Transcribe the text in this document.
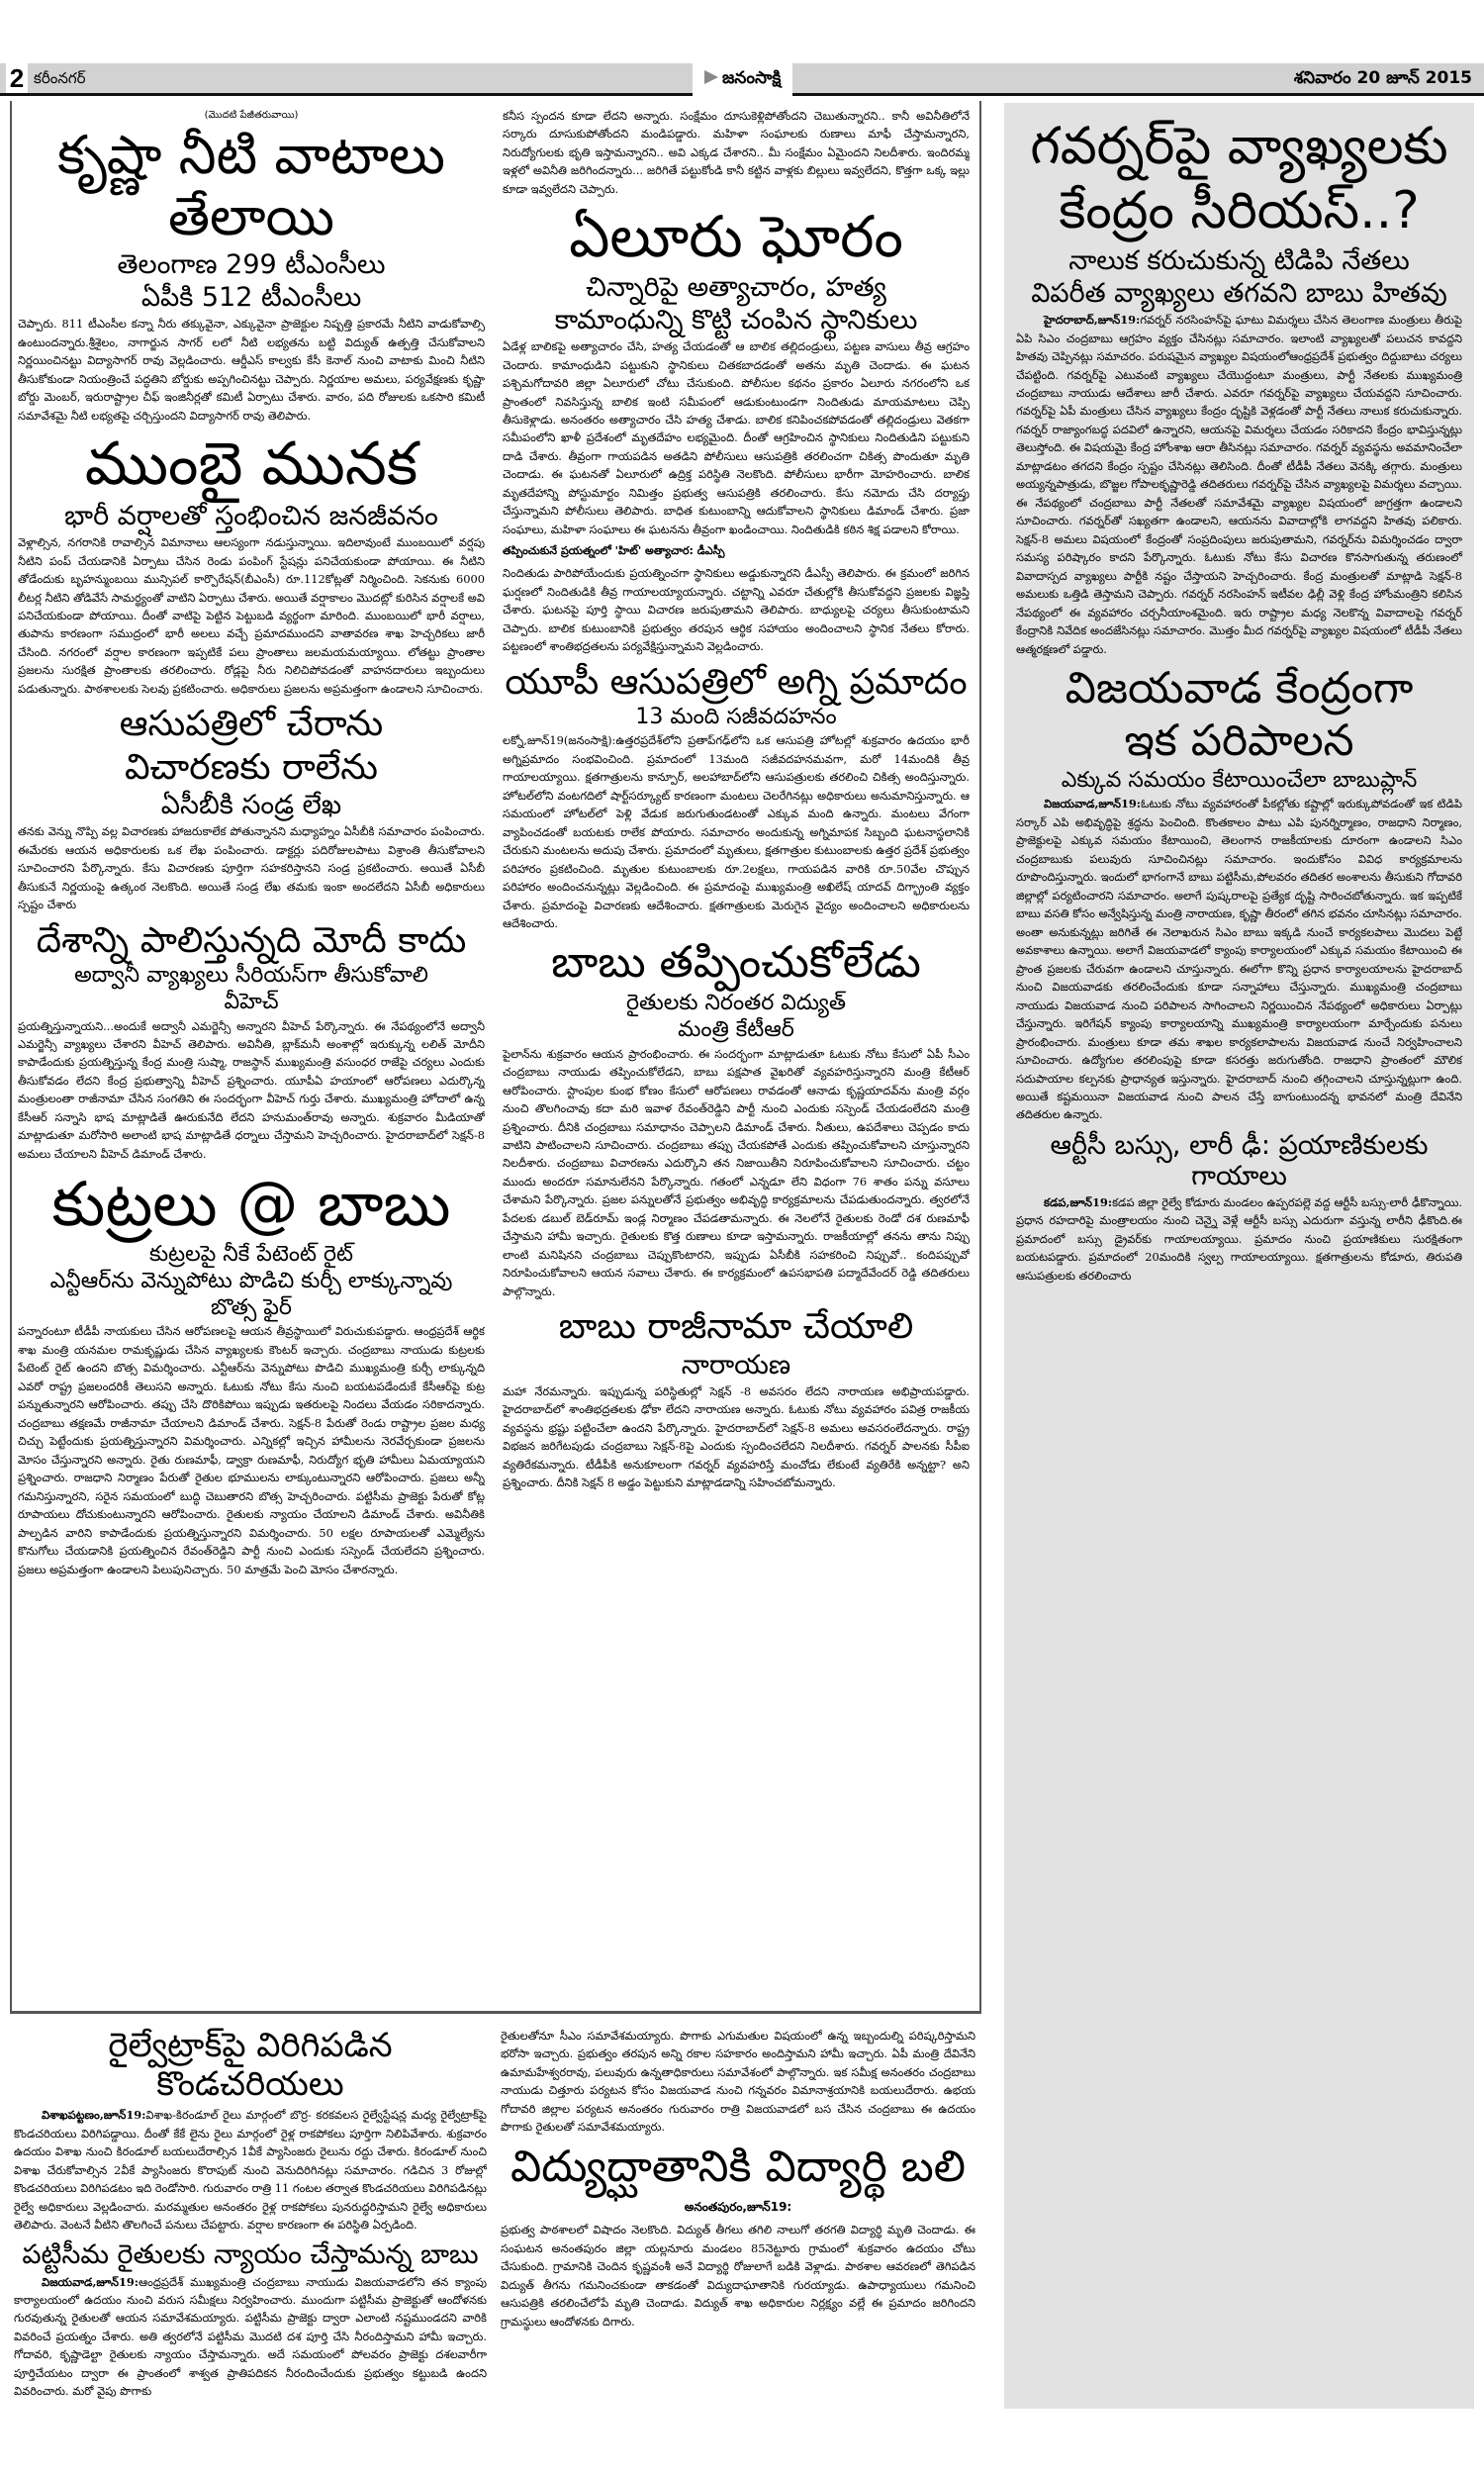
2 కరీంనగర్	జనంసాక్షి	శనివారం 20 జూన్ 2015
(మొదటి పేజీతరువాయి)
కృష్ణా నీటి వాటాలు తేలాయి
తెలంగాణ 299 టీఎంసీలు
ఏపీకి 512 టీఎంసీలు

చెప్పారు. 811 టీఎంసీల కన్నా నీరు తక్కువైనా, ఎక్కువైనా ప్రాజెక్టుల నిష్పత్తి ప్రకారమే నీటిని వాడుకోవాల్సి ఉంటుందన్నారు.శ్రీశైలం, నాగార్జున సాగర్ లలో నీటి లభ్యతను బట్టి విద్యుత్ ఉత్పత్తి చేసుకోవాలని నిర్ణయించినట్టు విద్యాసాగర్ రావు వెల్లడించారు. ఆర్డీఎస్ కాల్వకు కేసీ కెనాల్ నుంచి వాటాకు మించి నీటిని తీసుకోకుండా నియంత్రించే పద్ధతిని బోర్డుకు అప్పగించినట్టు చెప్పారు. నిర్ణయాల అమలు, పర్యవేక్షణకు కృష్ణా బోర్డు మెంబర్, ఇరురాష్ట్రాల చీఫ్ ఇంజినీర్లతో కమిటీ ఏర్పాటు చేశారు. వారం, పది రోజులకు ఒకసారి కమిటీ సమావేశమై నీటి లభ్యతపై చర్చిస్తుందని విద్యాసాగర్ రావు తెలిపారు.

ముంబై మునక
భారీ వర్షాలతో స్తంభించిన జనజీవనం

వెళ్లాల్సిన, నగరానికి రావాల్సిన విమానాలు ఆలస్యంగా నడుస్తున్నాయి. ఇదిలావుంటే ముంబయిలో వర్షపు నీటిని పంప్ చేయడానికి ఏర్పాటు చేసిన రెండు పంపింగ్ స్టేషన్లు పనిచేయకుండా పోయాయి. ఈ నీటిని తోడేందుకు బృహన్ముంబయి మున్సిపల్ కార్పొరేషన్(బీఎంసీ) రూ.112కోట్లతో నిర్మించింది. సెకనుకు 6000 లీటర్ల నీటిని తోడివేసే సామర్థ్యంతో వాటిని ఏర్పాటు చేశారు. అయితే వర్షాకాలం మొదట్లో కురిసిన వర్షాలకే అవి పనిచేయకుండా పోయాయి. దీంతో వాటిపై పెట్టిన పెట్టుబడి వ్యర్థంగా మారింది. ముంబయిలో భారీ వర్షాలు, తుపాను కారణంగా సముద్రంలో భారీ అలలు వచ్చే ప్రమాదముందని వాతావరణ శాఖ హెచ్చరికలు జారీ చేసింది. నగరంలో వర్షాల కారణంగా ఇప్పటికే పలు ప్రాంతాలు జలమయమయ్యాయి. లోతట్టు ప్రాంతాల ప్రజలను సురక్షిత ప్రాంతాలకు తరలించారు. రోడ్లపై నీరు నిలిచిపోవడంతో వాహనదారులు ఇబ్బందులు పడుతున్నారు. పాఠశాలలకు సెలవు ప్రకటించారు. అధికారులు ప్రజలను అప్రమత్తంగా ఉండాలని సూచించారు.

ఆసుపత్రిలో చేరాను
విచారణకు రాలేను
ఏసీబీకి సండ్ర లేఖ

తనకు వెన్ను నొప్పి వల్ల విచారణకు హాజరుకాలేక పోతున్నానని మధ్యాహ్నం ఏసీబీకి సమాచారం పంపించారు. ఈమేరకు ఆయన అధికారులకు ఒక లేఖ పంపించారు. డాక్టర్లు పదిరోజులపాటు విశ్రాంతి తీసుకోవాలని సూచించారని పేర్కొన్నారు. కేసు విచారణకు పూర్తిగా సహకరిస్తానని సండ్ర ప్రకటించారు. అయితే ఏసీబీ తీసుకునే నిర్ణయంపై ఉత్కంఠ నెలకొంది. అయితే సండ్ర లేఖ తమకు ఇంకా అందలేదని ఏసీబీ అధికారులు స్పష్టం చేశారు

దేశాన్ని పాలిస్తున్నది మోదీ కాదు
అద్వానీ వ్యాఖ్యలు సీరియస్‌గా తీసుకోవాలి
వీహెచ్

ప్రయత్నిస్తున్నాయని...అందుకే అద్వానీ ఎమర్జెన్సీ అన్నారని వీహెచ్ పేర్కొన్నారు. ఈ నేపథ్యంలోనే అద్వానీ ఎమర్జెన్సీ వ్యాఖ్యలు చేశారని వీహెచ్ తెలిపారు. అవినీతి, బ్లాక్‌మనీ అంశాల్లో ఇరుక్కున్న లలిత్ మోదీని కాపాడేందుకు ప్రయత్నిస్తున్న కేంద్ర మంత్రి సుష్మా, రాజస్థాన్ ముఖ్యమంత్రి వసుంధర రాజేపై చర్యలు ఎందుకు తీసుకోవడం లేదని కేంద్ర ప్రభుత్వాన్ని వీహెచ్ ప్రశ్నించారు. యూపీఏ హయాంలో ఆరోపణలు ఎదుర్కొన్న మంత్రులంతా రాజీనామా చేసిన సంగతిని ఈ సందర్భంగా వీహెచ్ గుర్తు చేశారు. ముఖ్యమంత్రి హోదాలో ఉన్న కేసీఆర్ సన్నాసి భాష మాట్లాడితే ఊరుకునేది లేదని హనుమంత్‌రావు అన్నారు. శుక్రవారం మీడియాతో మాట్లాడుతూ మరోసారి అలాంటి భాష మాట్లాడితే ధర్నాలు చేస్తామని హెచ్చరించారు. హైదరాబాద్‌లో సెక్షన్-8 అమలు చేయాలని వీహెచ్ డిమాండ్ చేశారు.

కుట్రలు @ బాబు
కుట్రలపై నీకే పేటెంట్ రైట్
ఎన్టీఆర్‌ను వెన్నుపోటు పొడిచి కుర్చీ లాక్కున్నావు
బొత్స ఫైర్

పన్నారంటూ టీడీపీ నాయకులు చేసిన ఆరోపణలపై ఆయన తీవ్రస్థాయిలో విరుచుకుపడ్డారు. ఆంధ్రప్రదేశ్ ఆర్థిక శాఖ మంత్రి యనమల రామకృష్ణుడు చేసిన వ్యాఖ్యలకు కౌంటర్ ఇచ్చారు. చంద్రబాబు నాయుడు కుట్రలకు పేటెంట్ రైట్ ఉందని బొత్స విమర్శించారు. ఎన్టీఆర్‌ను వెన్నుపోటు పొడిచి ముఖ్యమంత్రి కుర్చీ లాక్కున్నది ఎవరో రాష్ట్ర ప్రజలందరికీ తెలుసని అన్నారు. ఓటుకు నోటు కేసు నుంచి బయటపడేందుకే కేసీఆర్‌పై కుట్ర పన్నుతున్నారని ఆరోపించారు. తప్పు చేసి దొరికిపోయి ఇప్పుడు ఇతరులపై నిందలు వేయడం సరికాదన్నారు. చంద్రబాబు తక్షణమే రాజీనామా చేయాలని డిమాండ్ చేశారు. సెక్షన్-8 పేరుతో రెండు రాష్ట్రాల ప్రజల మధ్య చిచ్చు పెట్టేందుకు ప్రయత్నిస్తున్నారని విమర్శించారు. ఎన్నికల్లో ఇచ్చిన హామీలను నెరవేర్చకుండా ప్రజలను మోసం చేస్తున్నారని అన్నారు. రైతు రుణమాఫీ, డ్వాక్రా రుణమాఫీ, నిరుద్యోగ భృతి హామీలు ఏమయ్యాయని ప్రశ్నించారు. రాజధాని నిర్మాణం పేరుతో రైతుల భూములను లాక్కుంటున్నారని ఆరోపించారు. ప్రజలు అన్నీ గమనిస్తున్నారని, సరైన సమయంలో బుద్ధి చెబుతారని బొత్స హెచ్చరించారు. పట్టిసీమ ప్రాజెక్టు పేరుతో కోట్ల రూపాయలు దోచుకుంటున్నారని ఆరోపించారు. రైతులకు న్యాయం చేయాలని డిమాండ్ చేశారు. అవినీతికి పాల్పడిన వారిని కాపాడేందుకు ప్రయత్నిస్తున్నారని విమర్శించారు. 50 లక్షల రూపాయలతో ఎమ్మెల్యేను కొనుగోలు చేయడానికి ప్రయత్నించిన రేవంత్‌రెడ్డిని పార్టీ నుంచి ఎందుకు సస్పెండ్ చేయలేదని ప్రశ్నించారు. ప్రజలు అప్రమత్తంగా ఉండాలని పిలుపునిచ్చారు. 50 మాత్రమే పెంచి మోసం చేశారన్నారు.

కనీస స్పందన కూడా లేదని అన్నారు. సంక్షేమం దూసుకెళ్లిపోతోందని చెబుతున్నారని.. కానీ అవినీతిలోనే సర్కారు దూసుకుపోతోందని మండిపడ్డారు. మహిళా సంఘాలకు రుణాలు మాఫీ చేస్తామన్నారని, నిరుద్యోగులకు భృతి ఇస్తామన్నారని.. అవి ఎక్కడ చేశారని.. మీ సంక్షేమం ఏమైందని నిలదీశారు. ఇందిరమ్మ ఇళ్లలో అవినీతి జరిగిందన్నారు... జరిగితే పట్టుకోండి కానీ కట్టిన వాళ్లకు బిల్లులు ఇవ్వలేదని, కొత్తగా ఒక్క ఇల్లు కూడా ఇవ్వలేదని చెప్పారు.

ఏలూరు ఘోరం
చిన్నారిపై అత్యాచారం, హత్య
కామాంధున్ని కొట్టి చంపిన స్థానికులు

ఏడేళ్ల బాలికపై అత్యాచారం చేసి, హత్య చేయడంతో ఆ బాలిక తల్లిదండ్రులు, పట్టణ వాసులు తీవ్ర ఆగ్రహం చెందారు. కామాంధుడిని పట్టుకుని స్థానికులు చితకబాదడంతో అతను మృతి చెందాడు. ఈ ఘటన పశ్చిమగోదావరి జిల్లా ఏలూరులో చోటు చేసుకుంది. పోలీసుల కథనం ప్రకారం ఏలూరు నగరంలోని ఒక ప్రాంతంలో నివసిస్తున్న బాలిక ఇంటి సమీపంలో ఆడుకుంటుండగా నిందితుడు మాయమాటలు చెప్పి తీసుకెళ్లాడు. అనంతరం అత్యాచారం చేసి హత్య చేశాడు. బాలిక కనిపించకపోవడంతో తల్లిదండ్రులు వెతకగా సమీపంలోని ఖాళీ ప్రదేశంలో మృతదేహం లభ్యమైంది. దీంతో ఆగ్రహించిన స్థానికులు నిందితుడిని పట్టుకుని దాడి చేశారు. తీవ్రంగా గాయపడిన అతడిని పోలీసులు ఆసుపత్రికి తరలించగా చికిత్స పొందుతూ మృతి చెందాడు. ఈ ఘటనతో ఏలూరులో ఉద్రిక్త పరిస్థితి నెలకొంది. పోలీసులు భారీగా మోహరించారు. బాలిక మృతదేహాన్ని పోస్టుమార్టం నిమిత్తం ప్రభుత్వ ఆసుపత్రికి తరలించారు. కేసు నమోదు చేసి దర్యాప్తు చేస్తున్నామని పోలీసులు తెలిపారు. బాధిత కుటుంబాన్ని ఆదుకోవాలని స్థానికులు డిమాండ్ చేశారు. ప్రజా సంఘాలు, మహిళా సంఘాలు ఈ ఘటనను తీవ్రంగా ఖండించాయి. నిందితుడికి కఠిన శిక్ష పడాలని కోరాయి.

తప్పించుకునే ప్రయత్నంలో 'హిట్' అత్యాచార: డీఎస్పీ

నిందితుడు పారిపోయేందుకు ప్రయత్నించగా స్థానికులు అడ్డుకున్నారని డీఎస్పీ తెలిపారు. ఈ క్రమంలో జరిగిన ఘర్షణలో నిందితుడికి తీవ్ర గాయాలయ్యాయన్నారు. చట్టాన్ని ఎవరూ చేతుల్లోకి తీసుకోవద్దని ప్రజలకు విజ్ఞప్తి చేశారు. ఘటనపై పూర్తి స్థాయి విచారణ జరుపుతామని తెలిపారు. బాధ్యులపై చర్యలు తీసుకుంటామని చెప్పారు. బాలిక కుటుంబానికి ప్రభుత్వం తరపున ఆర్థిక సహాయం అందించాలని స్థానిక నేతలు కోరారు. పట్టణంలో శాంతిభద్రతలను పర్యవేక్షిస్తున్నామని వెల్లడించారు.

యూపీ ఆసుపత్రిలో అగ్ని ప్రమాదం
13 మంది సజీవదహనం

లక్నో,జూన్19(జనంసాక్షి):ఉత్తరప్రదేశ్‌లోని ప్రతాప్‌గఢ్‌లోని ఒక ఆసుపత్రి హోటల్లో శుక్రవారం ఉదయం భారీ అగ్నిప్రమాదం సంభవించింది. ప్రమాదంలో 13మంది సజీవదహనమవగా, మరో 14మందికి తీవ్ర గాయాలయ్యాయి. క్షతగాత్రులను కాన్పూర్, అలహాబాద్‌లోని ఆసుపత్రులకు తరలించి చికిత్స అందిస్తున్నారు. హోటల్‌లోని వంటగదిలో షార్ట్‌సర్క్యూట్ కారణంగా మంటలు చెలరేగినట్లు అధికారులు అనుమానిస్తున్నారు. ఆ సమయంలో హోటల్‌లో పెళ్లి వేడుక జరుగుతుండటంతో ఎక్కువ మంది ఉన్నారు. మంటలు వేగంగా వ్యాపించడంతో బయటకు రాలేక పోయారు. సమాచారం అందుకున్న అగ్నిమాపక సిబ్బంది ఘటనాస్థలానికి చేరుకుని మంటలను అదుపు చేశారు. ప్రమాదంలో మృతులు, క్షతగాత్రుల కుటుంబాలకు ఉత్తర ప్రదేశ్ ప్రభుత్వం పరిహారం ప్రకటించింది. మృతుల కుటుంబాలకు రూ.2లక్షలు, గాయపడిన వారికి రూ.50వేల చొప్పున పరిహారం అందించనున్నట్లు వెల్లడించింది. ఈ ప్రమాదంపై ముఖ్యమంత్రి అఖిలేష్ యాదవ్ దిగ్భ్రాంతి వ్యక్తం చేశారు. ప్రమాదంపై విచారణకు ఆదేశించారు. క్షతగాత్రులకు మెరుగైన వైద్యం అందించాలని అధికారులను ఆదేశించారు.

బాబు తప్పించుకోలేడు
రైతులకు నిరంతర విద్యుత్
మంత్రి కేటీఆర్

పైలాన్‌ను శుక్రవారం ఆయన ప్రారంభించారు. ఈ సందర్భంగా మాట్లాడుతూ ఓటుకు నోటు కేసులో ఏపీ సీఎం చంద్రబాబు నాయుడు తప్పించుకోలేడని, బాబు పక్షపాత వైఖరితో వ్యవహరిస్తున్నారని మంత్రి కేటీఆర్ ఆరోపించారు. స్టాంపుల కుంభ కోణం కేసులో ఆరోపణలు రావడంతో ఆనాడు కృష్ణయాదవ్‌ను మంత్రి వర్గం నుంచి తొలగించావు కదా మరి ఇవాళ రేవంత్‌రెడ్డిని పార్టీ నుంచి ఎందుకు సస్పెండ్ చేయడంలేదని మంత్రి ప్రశ్నించారు. దీనికి చంద్రబాబు సమాధానం చెప్పాలని డిమాండ్ చేశారు. నీతులు, ఉపదేశాలు చెప్పడం కాదు వాటిని పాటించాలని సూచించారు. చంద్రబాబు తప్పు చేయకపోతే ఎందుకు తప్పించుకోవాలని చూస్తున్నారని నిలదీశారు. చంద్రబాబు విచారణను ఎదుర్కొని తన నిజాయితీని నిరూపించుకోవాలని సూచించారు. చట్టం ముందు అందరూ సమానులేనని పేర్కొన్నారు. గతంలో ఎన్నడూ లేని విధంగా 76 శాతం పన్ను వసూలు చేశామని పేర్కొన్నారు. ప్రజల పన్నులతోనే ప్రభుత్వం అభివృద్ధి కార్యక్రమాలను చేపడుతుందన్నారు. త్వరలోనే పేదలకు డబుల్ బెడ్‌రూమ్ ఇండ్ల నిర్మాణం చేపడతామన్నారు. ఈ నెలలోనే రైతులకు రెండో దశ రుణమాఫీ చేస్తామని హామీ ఇచ్చారు. రైతులకు కొత్త రుణాలు కూడా ఇస్తామన్నారు. రాజకీయాల్లో తనను తాను నిప్పు లాంటి మనిషినని చంద్రబాబు చెప్పుకొంటారని, ఇప్పుడు ఏసీబీకి సహకరించి నిప్పువో.. కందిపప్పువో నిరూపించుకోవాలని ఆయన సవాలు చేశారు. ఈ కార్యక్రమంలో ఉపసభాపతి పద్మాదేవేందర్ రెడ్డి తదితరులు పాల్గొన్నారు.

బాబు రాజీనామా చేయాలి
నారాయణ

మహా నేరమన్నారు. ఇప్పుడున్న పరిస్థితుల్లో సెక్షన్ -8 అవసరం లేదని నారాయణ అభిప్రాయపడ్డారు. హైదరాబాద్‌లో శాంతిభద్రతలకు ఢోకా లేదని నారాయణ అన్నారు. ఓటుకు నోటు వ్యవహారం పవిత్ర రాజకీయ వ్యవస్థను భ్రష్టు పట్టించేలా ఉందని పేర్కొన్నారు. హైదరాబాద్‌లో సెక్షన్-8 అమలు అవసరంలేదన్నారు. రాష్ట్ర విభజన జరిగేటపుడు చంద్రబాబు సెక్షన్-8పై ఎందుకు స్పందించలేదని నిలదీశారు. గవర్నర్ పాలనకు సీపీఐ వ్యతిరేకమన్నారు. టీడీపీకి అనుకూలంగా గవర్నర్ వ్యవహరిస్తే మంచోడు లేకుంటే వ్యతిరేకి అన్నట్టా? అని ప్రశ్నించారు. దీనికి సెక్షన్ 8 అడ్డం పెట్టుకుని మాట్లాడడాన్ని సహించబోమన్నారు.

గవర్నర్‌పై వ్యాఖ్యలకు కేంద్రం సీరియస్..?
నాలుక కరుచుకున్న టిడిపి నేతలు
విపరీత వ్యాఖ్యలు తగవని బాబు హితవు

హైదరాబాద్,జూన్19:గవర్నర్ నరసింహన్‌పై ఘాటు విమర్శలు చేసిన తెలంగాణ మంత్రులు తీరుపై ఏపి సిఎం చంద్రబాబు ఆగ్రహం వ్యక్తం చేసినట్లు సమాచారం. ఇలాంటి వ్యాఖ్యలతో పలుచన కావద్దని హితవు చెప్పినట్లు సమాచరం. పరుషమైన వ్యాఖ్యల విషయంలోఆంధ్రప్రదేశ్ ప్రభుత్వం దిద్దుబాటు చర్యలు చేపట్టింది. గవర్నర్‌పై ఎటువంటి వ్యాఖ్యలు చేయొద్దంటూ మంత్రులు, పార్టీ నేతలకు ముఖ్యమంత్రి చంద్రబాబు నాయుడు ఆదేశాలు జారీ చేశారు. ఎవరూ గవర్నర్‌పై వ్యాఖ్యలు చేయవద్దని సూచించారు. గవర్నర్‌పై ఏపీ మంత్రులు చేసిన వ్యాఖ్యలు కేంద్రం దృష్టికి వెళ్లడంతో పార్టీ నేతలు నాలుక కరుచుకున్నారు. గవర్నర్ రాజ్యాంగబద్ధ పదవిలో ఉన్నారని, ఆయనపై విమర్శలు చేయడం సరికాదని కేంద్రం భావిస్తున్నట్లు తెలుస్తోంది. ఈ విషయమై కేంద్ర హోంశాఖ ఆరా తీసినట్లు సమాచారం. గవర్నర్ వ్యవస్థను అవమానించేలా మాట్లాడటం తగదని కేంద్రం స్పష్టం చేసినట్లు తెలిసింది. దీంతో టీడీపీ నేతలు వెనక్కి తగ్గారు. మంత్రులు అయ్యన్నపాత్రుడు, బొజ్జల గోపాలకృష్ణారెడ్డి తదితరులు గవర్నర్‌పై చేసిన వ్యాఖ్యలపై విమర్శలు వచ్చాయి. ఈ నేపథ్యంలో చంద్రబాబు పార్టీ నేతలతో సమావేశమై వ్యాఖ్యల విషయంలో జాగ్రత్తగా ఉండాలని సూచించారు. గవర్నర్‌తో సఖ్యతగా ఉండాలని, ఆయనను వివాదాల్లోకి లాగవద్దని హితవు పలికారు. సెక్షన్-8 అమలు విషయంలో కేంద్రంతో సంప్రదింపులు జరుపుతామని, గవర్నర్‌ను విమర్శించడం ద్వారా సమస్య పరిష్కారం కాదని పేర్కొన్నారు. ఓటుకు నోటు కేసు విచారణ కొనసాగుతున్న తరుణంలో వివాదాస్పద వ్యాఖ్యలు పార్టీకి నష్టం చేస్తాయని హెచ్చరించారు. కేంద్ర మంత్రులతో మాట్లాడి సెక్షన్-8 అమలుకు ఒత్తిడి తెస్తామని చెప్పారు. గవర్నర్ నరసింహన్ ఇటీవల ఢిల్లీ వెళ్లి కేంద్ర హోంమంత్రిని కలిసిన నేపథ్యంలో ఈ వ్యవహారం చర్చనీయాంశమైంది. ఇరు రాష్ట్రాల మధ్య నెలకొన్న వివాదాలపై గవర్నర్ కేంద్రానికి నివేదిక అందజేసినట్లు సమాచారం. మొత్తం మీద గవర్నర్‌పై వ్యాఖ్యల విషయంలో టీడీపీ నేతలు ఆత్మరక్షణలో పడ్డారు.

విజయవాడ కేంద్రంగా
ఇక పరిపాలన
ఎక్కువ సమయం కేటాయించేలా బాబుప్లాన్

విజయవాడ,జూన్19:ఓటుకు నోటు వ్యవహారంతో పీకల్లోతు కష్టాల్లో ఇరుక్కుపోవడంతో ఇక టిడిపి సర్కార్ ఎపి అభివృద్ధిపై శ్రద్ధను పెంచింది. కొంతకాలం పాటు ఎపి పునర్నిర్మాణం, రాజధాని నిర్మాణం, ప్రాజెక్టులపై ఎక్కువ సమయం కేటాయించి, తెలంగాన రాజకీయాలకు దూరంగా ఉండాలని సిఎం చంద్రబాబుకు పలువురు సూచించినట్లు సమాచారం. ఇందుకోసం వివిధ కార్యక్రమాలను రూపొందిస్తున్నారు. ఇందులో భాగంగానే బాబు పట్టిసీమ,పోలవరం తదితర అంశాలను తీసుకుని గోదావరి జిల్లాల్లో పర్యటించారని సమాచారం. అలాగే పుష్కరాలపై ప్రత్యేక దృష్టి సారించబోతున్నారు. ఇక ఇప్పటికే బాబు వసతి కోసం అన్వేషిస్తున్న మంత్రి నారాయణ, కృష్ణా తీరంలో తగిన భవనం చూసినట్లు సమాచారం. అంతా అనుకున్నట్లు జరిగితే ఈ నెలాఖరున సిఎం బాబు ఇక్కడి నుంచే కార్యకలపాలు మొదలు పెట్టే అవకాశాలు ఉన్నాయి. అలాగే విజయవాడలో క్యాంపు కార్యాలయంలో ఎక్కువ సమయం కేటాయించి ఈ ప్రాంత ప్రజలకు చేరువగా ఉండాలని చూస్తున్నారు. ఈలోగా కొన్ని ప్రధాన కార్యాలయాలను హైదరాబాద్ నుంచి విజయవాడకు తరలించేందుకు కూడా సన్నాహాలు చేస్తున్నారు. ముఖ్యమంత్రి చంద్రబాబు నాయుడు విజయవాడ నుంచి పరిపాలన సాగించాలని నిర్ణయించిన నేపథ్యంలో అధికారులు ఏర్పాట్లు చేస్తున్నారు. ఇరిగేషన్ క్యాంపు కార్యాలయాన్ని ముఖ్యమంత్రి కార్యాలయంగా మార్చేందుకు పనులు ప్రారంభించారు. మంత్రులు కూడా తమ శాఖల కార్యకలాపాలను విజయవాడ నుంచే నిర్వహించాలని సూచించారు. ఉద్యోగుల తరలింపుపై కూడా కసరత్తు జరుగుతోంది. రాజధాని ప్రాంతంలో మౌలిక సదుపాయాల కల్పనకు ప్రాధాన్యత ఇస్తున్నారు. హైదరాబాద్ నుంచి తగ్గించాలని చూస్తున్నట్లుగా ఉంది. అయితే కష్టమయినా విజయవాడ నుంచి పాలన చేస్తే బాగుంటుందన్న భావనలో మంత్రి దేవినేని తదితరుల ఉన్నారు.

ఆర్టీసీ బస్సు, లారీ ఢీ: ప్రయాణికులకు గాయాలు

కడప,జూన్19:కడప జిల్లా రైల్వే కోడూరు మండలం ఉప్పరపల్లె వద్ద ఆర్టీసీ బస్సు-లారీ ఢీకొన్నాయి. ప్రధాన రహదారిపై మంత్రాలయం నుంచి చెన్నై వెళ్లే ఆర్టీసీ బస్సు ఎదురుగా వస్తున్న లారీని ఢీకొంది.ఈ ప్రమాదంలో బస్సు డ్రైవర్‌కు గాయాలయ్యాయి. ప్రమాదం నుంచి ప్రయాణికులు సురక్షితంగా బయటపడ్డారు. ప్రమాదంలో 20మందికి స్వల్ప గాయాలయ్యాయి. క్షతగాత్రులను కోడూరు, తిరుపతి ఆసుపత్రులకు తరలించారు

రైల్వేట్రాక్‌పై విరిగిపడిన కొండచరియలు

విశాఖపట్టణం,జూన్19:విశాఖ-కిరండూల్ రైలు మార్గంలో బొర్ర- కరకవలస రైల్వేస్టేషన్ల మధ్య రైల్వేట్రాక్‌పై కొండచరియలు విరిగిపడ్డాయి. దీంతో కేకే లైను రైలు మార్గంలో రైళ్ల రాకపోకలు పూర్తిగా నిలిపివేశారు. శుక్రవారం ఉదయం విశాఖ నుంచి కిరండూల్ బయలుదేరాల్సిన 1వీకే ప్యాసింజరు రైలును రద్దు చేశారు. కిరండూల్ నుంచి విశాఖ చేరుకోవాల్సిన 2వీకే ప్యాసింజరు కొరాపుట్ నుంచి వెనుదిరిగినట్లు సమాచారం. గడిచిన 3 రోజుల్లో కొండచరియలు విరిగిపడటం ఇది రెండోసారి. గురువారం రాత్రి 11 గంటల తర్వాత కొండచరియలు విరిగిపడినట్లు రైల్వే అధికారులు వెల్లడించారు. మరమ్మతుల అనంతరం రైళ్ల రాకపోకలు పునరుద్ధరిస్తామని రైల్వే అధికారులు తెలిపారు. వెంటనే వీటిని తొలగించే పనులు చేపట్టారు. వర్షాల కారణంగా ఈ పరిస్థితి ఏర్పడింది.

పట్టిసీమ రైతులకు న్యాయం చేస్తామన్న బాబు

విజయవాడ,జూన్19:ఆంధ్రప్రదేశ్ ముఖ్యమంత్రి చంద్రబాబు నాయుడు విజయవాడలోని తన క్యాంపు కార్యాలయంలో ఉదయం నుంచి వరుస సమీక్షలు నిర్వహించారు. ముందుగా పట్టిసీమ ప్రాజెక్టుతో ఆందోళనకు గురవుతున్న రైతులతో ఆయన సమావేశమయ్యారు. పట్టిసీమ ప్రాజెక్టు ద్వారా ఎలాంటి నష్టముండదని వారికి వివరించే ప్రయత్నం చేశారు. అతి త్వరలోనే పట్టిసీమ మొదటి దశ పూర్తి చేసి నీరందిస్తామని హామీ ఇచ్చారు. గోదావరి, కృష్ణాడెల్టా రైతులకు న్యాయం చేస్తామన్నారు. అదే సమయంలో పోలవరం ప్రాజెక్టు దశలవారీగా పూర్తిచేయటం ద్వారా ఈ ప్రాంతంలో శాశ్వత ప్రాతిపదికన నీరందించేందుకు ప్రభుత్వం కట్టుబడి ఉందని వివరించారు. మరో వైపు పొగాకు

రైతులతోనూ సీఎం సమావేశమయ్యారు. పొగాకు ఎగుమతుల విషయంలో ఉన్న ఇబ్బందుల్ని పరిష్కరిస్తామని భరోసా ఇచ్చారు. ప్రభుత్వం తరపున అన్ని రకాల సహకారం అందిస్తామని హామీ ఇచ్చారు. ఏపీ మంత్రి దేవినేని ఉమామహేశ్వరరావు, పలువురు ఉన్నతాధికారులు సమావేశంలో పాల్గొన్నారు. ఇక సమీక్ష అనంతరం చంద్రబాబు నాయుడు చిత్తూరు పర్యటన కోసం విజయవాడ నుంచి గన్నవరం విమానాశ్రయానికి బయలుదేరారు. ఉభయ గోదావరి జిల్లాల పర్యటన అనంతరం గురువారం రాత్రి విజయవాడలో బస చేసిన చంద్రబాబు ఈ ఉదయం పొగాకు రైతులతో సమావేశమయ్యారు.

విద్యుద్ఘాతానికి విద్యార్థి బలి
అనంతపురం,జూన్19:

ప్రభుత్వ పాఠశాలలో విషాదం నెలకొంది. విద్యుత్ తీగలు తగిలి నాలుగో తరగతి విద్యార్థి మృతి చెందాడు. ఈ సంఘటన అనంతపురం జిల్లా యల్లనూరు మండలం 85నెట్టూరు గ్రామంలో శుక్రవారం ఉదయం చోటు చేసుకుంది. గ్రామానికి చెందిన కృష్ణవంశీ అనే విద్యార్థి రోజులాగే బడికి వెళ్లాడు. పాఠశాల ఆవరణలో తెగిపడిన విద్యుత్ తీగను గమనించకుండా తాకడంతో విద్యుదాఘాతానికి గురయ్యాడు. ఉపాధ్యాయులు గమనించి ఆసుపత్రికి తరలించేలోపే మృతి చెందాడు. విద్యుత్ శాఖ అధికారుల నిర్లక్ష్యం వల్లే ఈ ప్రమాదం జరిగిందని గ్రామస్థులు ఆందోళనకు దిగారు.
